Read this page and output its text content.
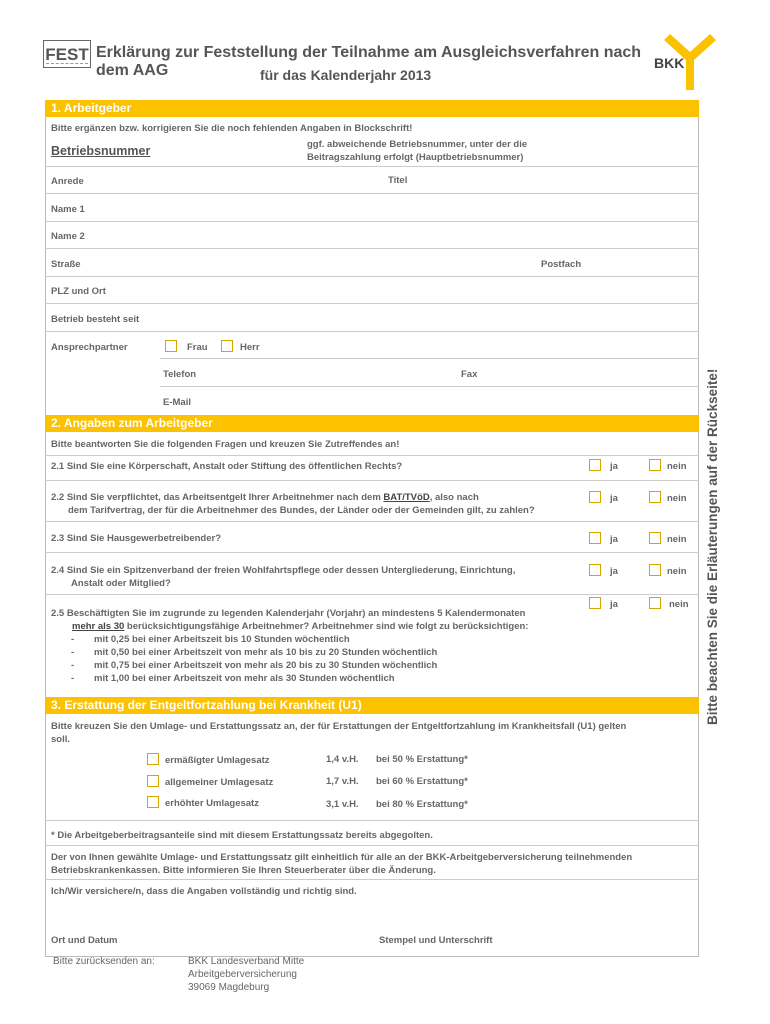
FEST Erklärung zur Feststellung der Teilnahme am Ausgleichsverfahren nach dem AAG	für das Kalenderjahr 2013
BKK
Bitte beachten Sie die Erläuterungen auf der Rückseite!
1. Arbeitgeber
Bitte ergänzen bzw. korrigieren Sie die noch fehlenden Angaben in Blockschrift!
Betriebsnummer	ggf. abweichende Betriebsnummer, unter der die
Beitragszahlung erfolgt (Hauptbetriebsnummer)
Anrede	Titel
Name 1
Name 2
Straße	Postfach
PLZ und Ort
Betrieb besteht seit
Ansprechpartner	Frau	Herr
Telefon	Fax
E-Mail
2. Angaben zum Arbeitgeber
Bitte beantworten Sie die folgenden Fragen und kreuzen Sie Zutreffendes an!
2.1 Sind Sie eine Körperschaft, Anstalt oder Stiftung des öffentlichen Rechts?	ja	nein
2.2 Sind Sie verpflichtet, das Arbeitsentgelt Ihrer Arbeitnehmer nach dem BAT/TVöD, also nach
dem Tarifvertrag, der für die Arbeitnehmer des Bundes, der Länder oder der Gemeinden gilt, zu zahlen?
ja	nein
2.3 Sind Sie Hausgewerbetreibender?	ja	nein
2.4 Sind Sie ein Spitzenverband der freien Wohlfahrtspflege oder dessen Untergliederung, Einrichtung,
Anstalt oder Mitglied?
ja	nein
2.5 Beschäftigten Sie im zugrunde zu legenden Kalenderjahr (Vorjahr) an mindestens 5 Kalendermonaten
mehr als 30 berücksichtigungsfähige Arbeitnehmer? Arbeitnehmer sind wie folgt zu berücksichtigen:
ja	nein
- mit 0,25 bei einer Arbeitszeit bis 10 Stunden wöchentlich
- mit 0,50 bei einer Arbeitszeit von mehr als 10 bis zu 20 Stunden wöchentlich
- mit 0,75 bei einer Arbeitszeit von mehr als 20 bis zu 30 Stunden wöchentlich
- mit 1,00 bei einer Arbeitszeit von mehr als 30 Stunden wöchentlich
3. Erstattung der Entgeltfortzahlung bei Krankheit (U1)
Bitte kreuzen Sie den Umlage- und Erstattungssatz an, der für Erstattungen der Entgeltfortzahlung im Krankheitsfall (U1) gelten
soll.
ermäßigter Umlagesatz	1,4 v.H. bei 50 % Erstattung*
allgemeiner Umlagesatz	1,7 v.H. bei 60 % Erstattung*
erhöhter Umlagesatz	3,1 v.H. bei 80 % Erstattung*
* Die Arbeitgeberbeitragsanteile sind mit diesem Erstattungssatz bereits abgegolten.
Der von Ihnen gewählte Umlage- und Erstattungssatz gilt einheitlich für alle an der BKK-Arbeitgeberversicherung teilnehmenden
Betriebskrankenkassen. Bitte informieren Sie Ihren Steuerberater über die Änderung.
Ich/Wir versichere/n, dass die Angaben vollständig und richtig sind.
Ort und Datum	Stempel und Unterschrift
Bitte zurücksenden an:	BKK Landesverband Mitte
Arbeitgeberversicherung
39069 Magdeburg
